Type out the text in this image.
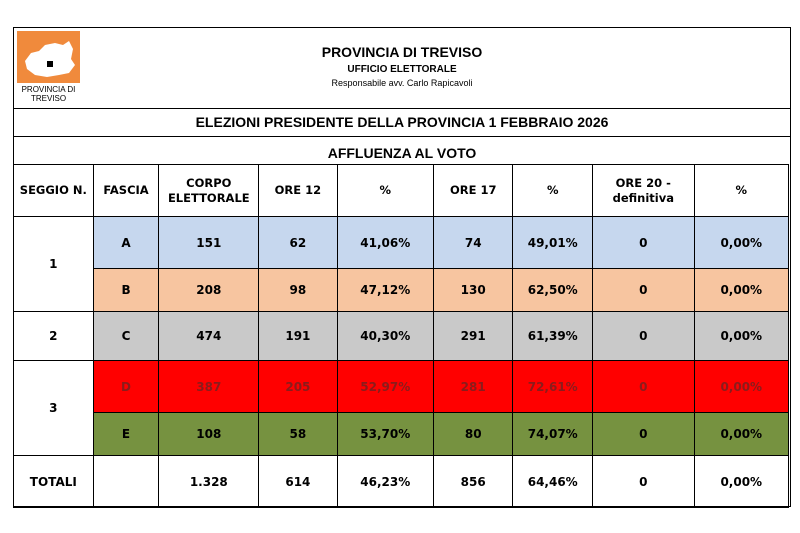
PROVINCIA DI TREVISO
PROVINCIA DI TREVISO
UFFICIO ELETTORALE
Responsabile avv. Carlo Rapicavoli
ELEZIONI PRESIDENTE DELLA PROVINCIA 1 FEBBRAIO 2026
AFFLUENZA AL VOTO
SEGGIO N.	FASCIA	CORPO ELETTORALE	ORE 12	%	ORE 17	%	ORE 20 - definitiva	%
1	A	151	62	41,06%	74	49,01%	0	0,00%
	B	208	98	47,12%	130	62,50%	0	0,00%
2	C	474	191	40,30%	291	61,39%	0	0,00%
3	D	387	205	52,97%	281	72,61%	0	0,00%
	E	108	58	53,70%	80	74,07%	0	0,00%
TOTALI		1.328	614	46,23%	856	64,46%	0	0,00%
